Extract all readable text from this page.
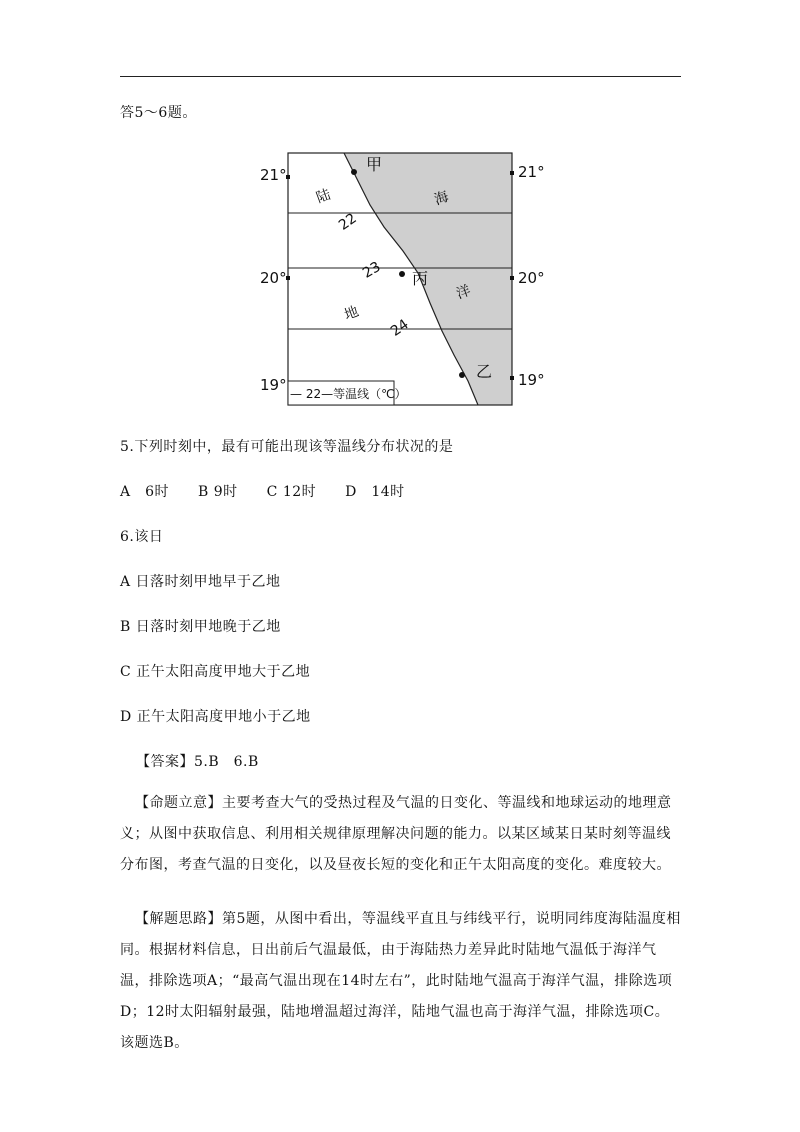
答5～6题。
21°	21°
20°	20°
19°	19°
甲
丙
乙
22
23
24
陆
地
海
洋
— 22—等温线（℃）
5.下列时刻中，最有可能出现该等温线分布状况的是
A　6时　　B 9时　　C 12时　　D　14时
6.该日
A 日落时刻甲地早于乙地
B 日落时刻甲地晚于乙地
C 正午太阳高度甲地大于乙地
D 正午太阳高度甲地小于乙地
【答案】5.B　6.B
【命题立意】主要考查大气的受热过程及气温的日变化、等温线和地球运动的地理意义；从图中获取信息、利用相关规律原理解决问题的能力。以某区域某日某时刻等温线分布图，考查气温的日变化，以及昼夜长短的变化和正午太阳高度的变化。难度较大。
【解题思路】第5题，从图中看出，等温线平直且与纬线平行，说明同纬度海陆温度相同。根据材料信息，日出前后气温最低，由于海陆热力差异此时陆地气温低于海洋气温，排除选项A；“最高气温出现在14时左右”，此时陆地气温高于海洋气温，排除选项D；12时太阳辐射最强，陆地增温超过海洋，陆地气温也高于海洋气温，排除选项C。该题选B。
